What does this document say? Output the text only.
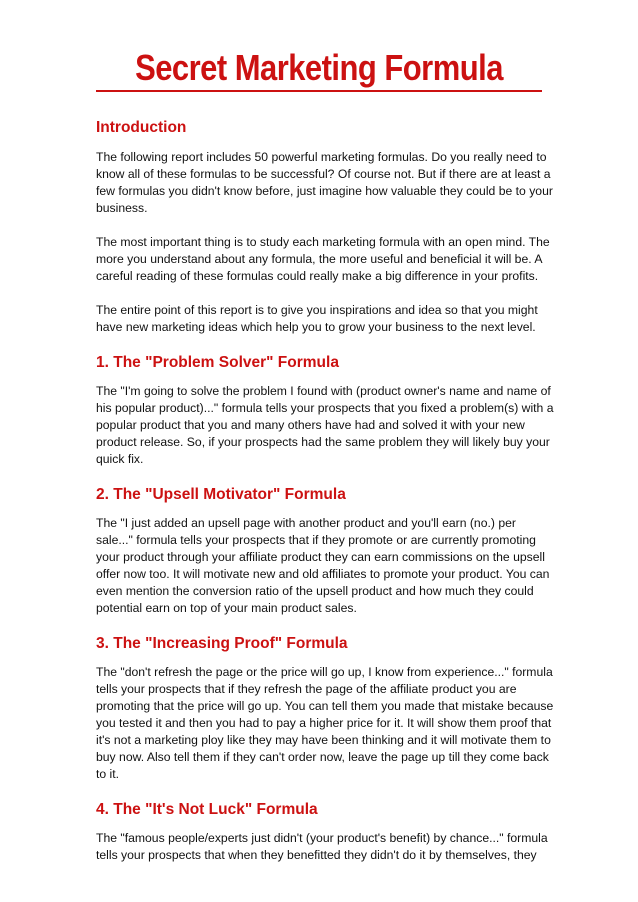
Secret Marketing Formula
Introduction

The following report includes 50 powerful marketing formulas. Do you really need to
know all of these formulas to be successful? Of course not. But if there are at least a
few formulas you didn't know before, just imagine how valuable they could be to your
business.

The most important thing is to study each marketing formula with an open mind. The
more you understand about any formula, the more useful and beneficial it will be. A
careful reading of these formulas could really make a big difference in your profits.

The entire point of this report is to give you inspirations and idea so that you might
have new marketing ideas which help you to grow your business to the next level.

1. The "Problem Solver" Formula

The "I'm going to solve the problem I found with (product owner's name and name of
his popular product)..." formula tells your prospects that you fixed a problem(s) with a
popular product that you and many others have had and solved it with your new
product release. So, if your prospects had the same problem they will likely buy your
quick fix.

2. The "Upsell Motivator" Formula

The "I just added an upsell page with another product and you'll earn (no.) per
sale..." formula tells your prospects that if they promote or are currently promoting
your product through your affiliate product they can earn commissions on the upsell
offer now too. It will motivate new and old affiliates to promote your product. You can
even mention the conversion ratio of the upsell product and how much they could
potential earn on top of your main product sales.

3. The "Increasing Proof" Formula

The "don't refresh the page or the price will go up, I know from experience..." formula
tells your prospects that if they refresh the page of the affiliate product you are
promoting that the price will go up. You can tell them you made that mistake because
you tested it and then you had to pay a higher price for it. It will show them proof that
it's not a marketing ploy like they may have been thinking and it will motivate them to
buy now. Also tell them if they can't order now, leave the page up till they come back
to it.

4. The "It's Not Luck" Formula

The "famous people/experts just didn't (your product's benefit) by chance..." formula
tells your prospects that when they benefitted they didn't do it by themselves, they
